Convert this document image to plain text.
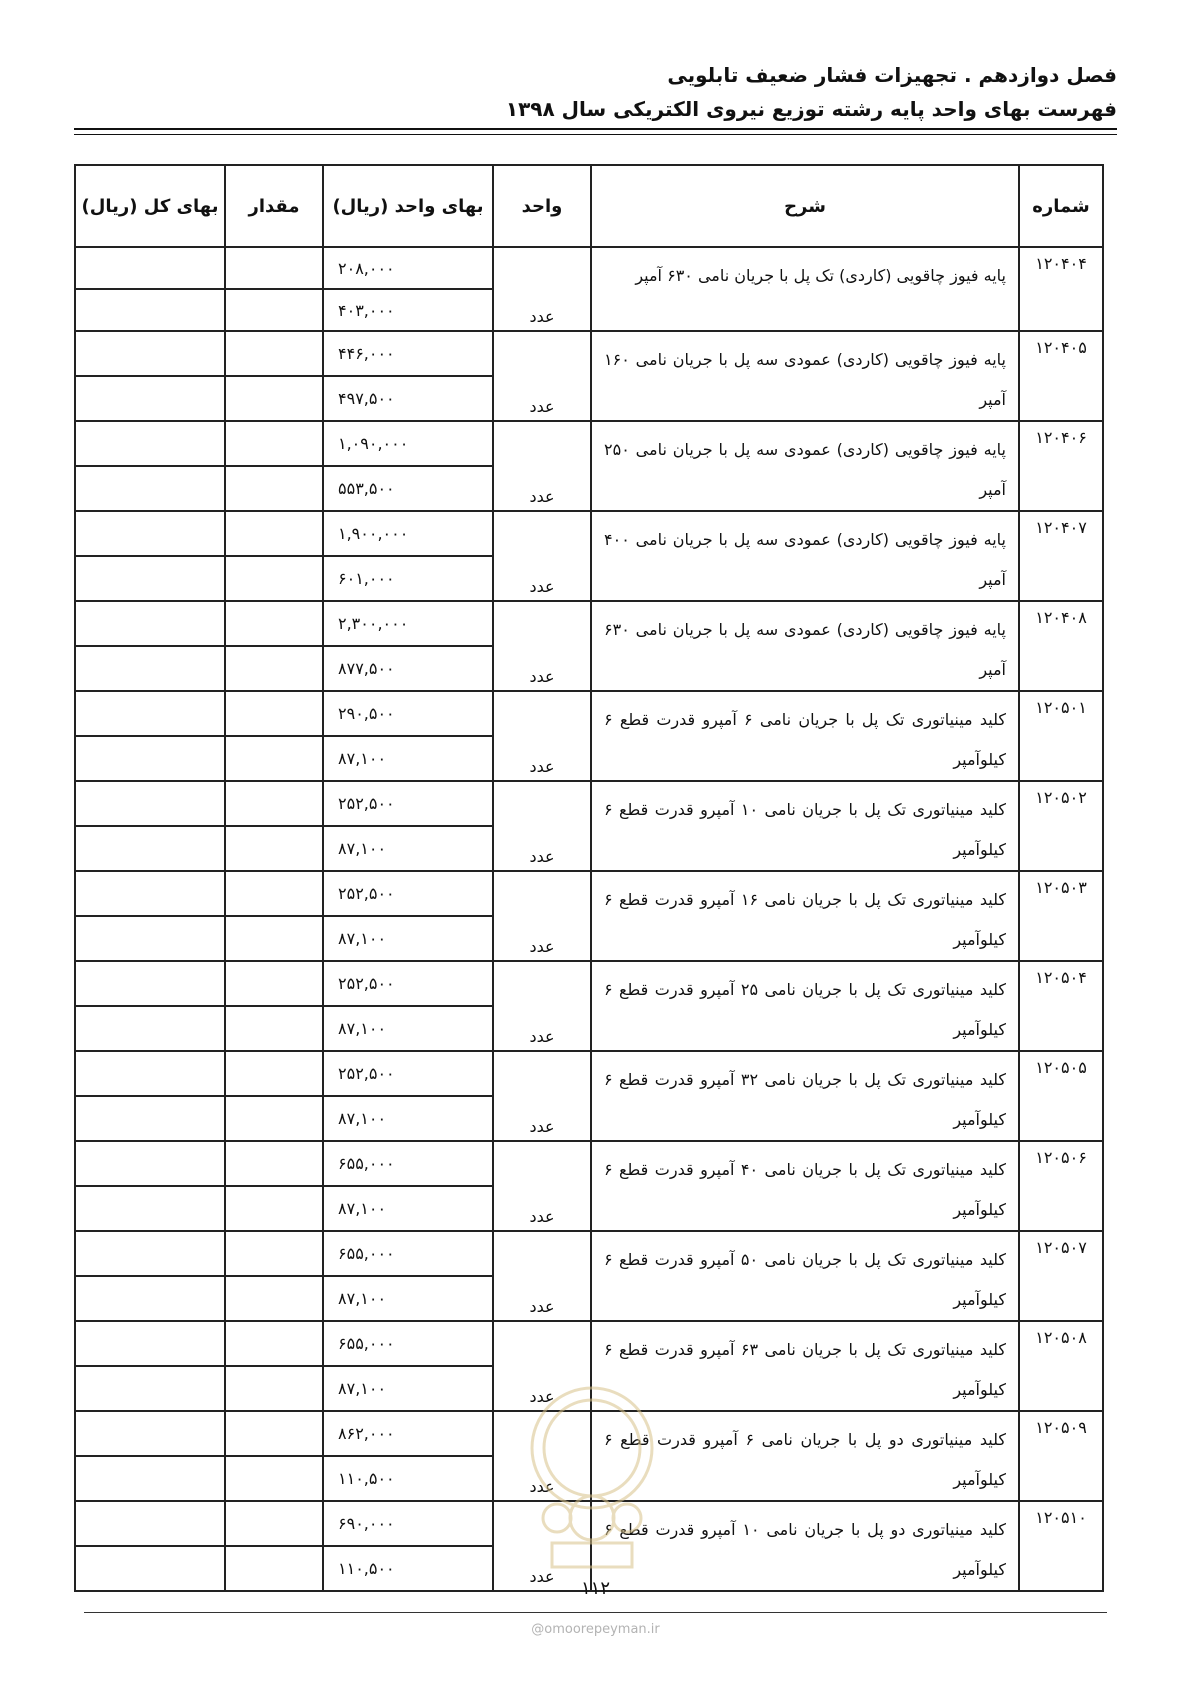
فصل دوازدهم . تجهیزات فشار ضعیف تابلویی
فهرست بهای واحد پایه رشته توزیع نیروی الکتریکی سال ۱۳۹۸
شماره	شرح	واحد	بهای واحد (ریال)	مقدار	بهای کل (ریال)
۱۲۰۴۰۴	پایه فیوز چاقویی (کاردی) تک پل با جریان نامی ۶۳۰ آمپر	عدد	۲۰۸,۰۰۰		
			۴۰۳,۰۰۰		
۱۲۰۴۰۵	پایه فیوز چاقویی (کاردی) عمودی سه پل با جریان نامی ۱۶۰ آمپر	عدد	۴۴۶,۰۰۰		
			۴۹۷,۵۰۰		
۱۲۰۴۰۶	پایه فیوز چاقویی (کاردی) عمودی سه پل با جریان نامی ۲۵۰ آمپر	عدد	۱,۰۹۰,۰۰۰		
			۵۵۳,۵۰۰		
۱۲۰۴۰۷	پایه فیوز چاقویی (کاردی) عمودی سه پل با جریان نامی ۴۰۰ آمپر	عدد	۱,۹۰۰,۰۰۰		
			۶۰۱,۰۰۰		
۱۲۰۴۰۸	پایه فیوز چاقویی (کاردی) عمودی سه پل با جریان نامی ۶۳۰ آمپر	عدد	۲,۳۰۰,۰۰۰		
			۸۷۷,۵۰۰		
۱۲۰۵۰۱	کلید مینیاتوری تک پل با جریان نامی ۶ آمپرو قدرت قطع ۶ کیلوآمپر	عدد	۲۹۰,۵۰۰		
			۸۷,۱۰۰		
۱۲۰۵۰۲	کلید مینیاتوری تک پل با جریان نامی ۱۰ آمپرو قدرت قطع ۶ کیلوآمپر	عدد	۲۵۲,۵۰۰		
			۸۷,۱۰۰		
۱۲۰۵۰۳	کلید مینیاتوری تک پل با جریان نامی ۱۶ آمپرو قدرت قطع ۶ کیلوآمپر	عدد	۲۵۲,۵۰۰		
			۸۷,۱۰۰		
۱۲۰۵۰۴	کلید مینیاتوری تک پل با جریان نامی ۲۵ آمپرو قدرت قطع ۶ کیلوآمپر	عدد	۲۵۲,۵۰۰		
			۸۷,۱۰۰		
۱۲۰۵۰۵	کلید مینیاتوری تک پل با جریان نامی ۳۲ آمپرو قدرت قطع ۶ کیلوآمپر	عدد	۲۵۲,۵۰۰		
			۸۷,۱۰۰		
۱۲۰۵۰۶	کلید مینیاتوری تک پل با جریان نامی ۴۰ آمپرو قدرت قطع ۶ کیلوآمپر	عدد	۶۵۵,۰۰۰		
			۸۷,۱۰۰		
۱۲۰۵۰۷	کلید مینیاتوری تک پل با جریان نامی ۵۰ آمپرو قدرت قطع ۶ کیلوآمپر	عدد	۶۵۵,۰۰۰		
			۸۷,۱۰۰		
۱۲۰۵۰۸	کلید مینیاتوری تک پل با جریان نامی ۶۳ آمپرو قدرت قطع ۶ کیلوآمپر	عدد	۶۵۵,۰۰۰		
			۸۷,۱۰۰		
۱۲۰۵۰۹	کلید مینیاتوری دو پل با جریان نامی ۶ آمپرو قدرت قطع ۶ کیلوآمپر	عدد	۸۶۲,۰۰۰		
			۱۱۰,۵۰۰		
۱۲۰۵۱۰	کلید مینیاتوری دو پل با جریان نامی ۱۰ آمپرو قدرت قطع ۶ کیلوآمپر	عدد	۶۹۰,۰۰۰		
			۱۱۰,۵۰۰		
۱۱۲
@omoorepeyman.ir
